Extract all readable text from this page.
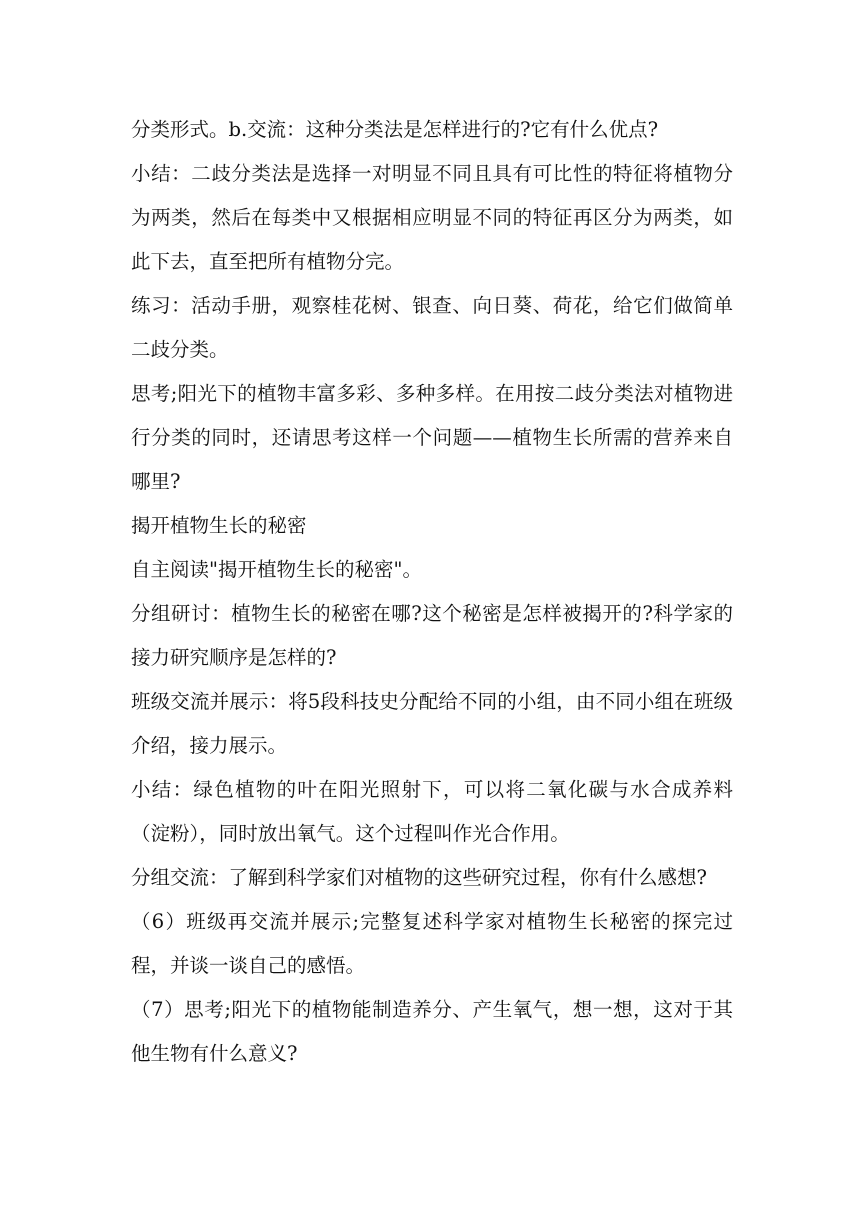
分类形式。b.交流：这种分类法是怎样进行的?它有什么优点?

小结：二歧分类法是选择一对明显不同且具有可比性的特征将植物分为两类，然后在每类中又根据相应明显不同的特征再区分为两类，如此下去，直至把所有植物分完。

练习：活动手册，观察桂花树、银查、向日葵、荷花，给它们做简单二歧分类。

思考;阳光下的植物丰富多彩、多种多样。在用按二歧分类法对植物进行分类的同时，还请思考这样一个问题——植物生长所需的营养来自哪里?

揭开植物生长的秘密

自主阅读"揭开植物生长的秘密"。

分组研讨：植物生长的秘密在哪?这个秘密是怎样被揭开的?科学家的接力研究顺序是怎样的?

班级交流并展示：将5段科技史分配给不同的小组，由不同小组在班级介绍，接力展示。

小结：绿色植物的叶在阳光照射下，可以将二氧化碳与水合成养料（淀粉），同时放出氧气。这个过程叫作光合作用。

分组交流：了解到科学家们对植物的这些研究过程，你有什么感想?

（6）班级再交流并展示;完整复述科学家对植物生长秘密的探完过程，并谈一谈自己的感悟。

（7）思考;阳光下的植物能制造养分、产生氧气，想一想，这对于其他生物有什么意义?
